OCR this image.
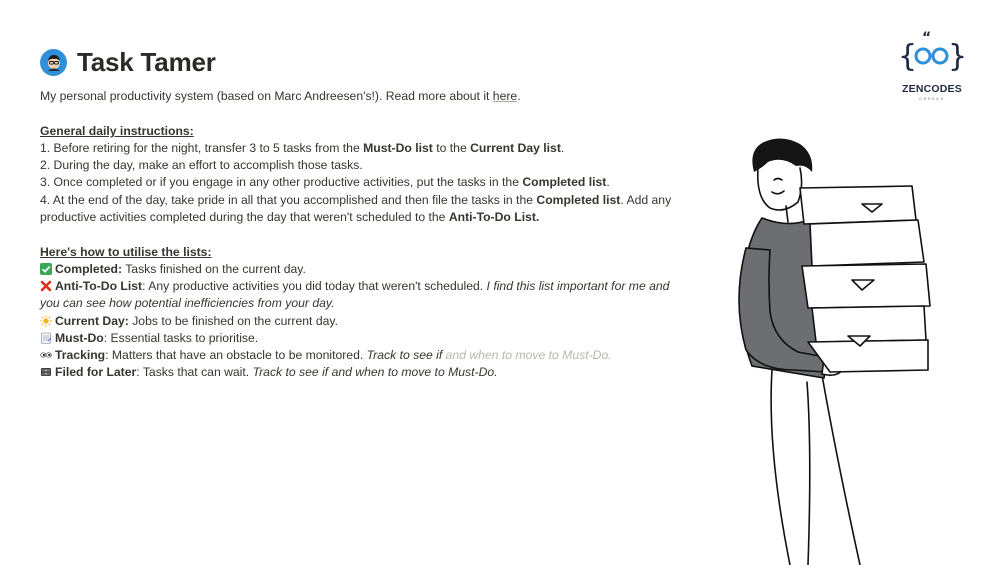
{ }
“
ZENCODES
CREEKS
Task Tamer
My personal productivity system (based on Marc Andreesen's!). Read more about it here.
General daily instructions:
1. Before retiring for the night, transfer 3 to 5 tasks from the Must-Do list to the Current Day list.
2. During the day, make an effort to accomplish those tasks.
3. Once completed or if you engage in any other productive activities, put the tasks in the Completed list.
4. At the end of the day, take pride in all that you accomplished and then file the tasks in the Completed list. Add any productive activities completed during the day that weren't scheduled to the Anti-To-Do List.
Here's how to utilise the lists:
Completed: Tasks finished on the current day.
Anti-To-Do List: Any productive activities you did today that weren't scheduled. I find this list important for me and you can see how potential inefficiencies from your day.
Current Day: Jobs to be finished on the current day.
Must-Do: Essential tasks to prioritise.
Tracking: Matters that have an obstacle to be monitored. Track to see if and when to move to Must-Do.
Filed for Later: Tasks that can wait. Track to see if and when to move to Must-Do.
